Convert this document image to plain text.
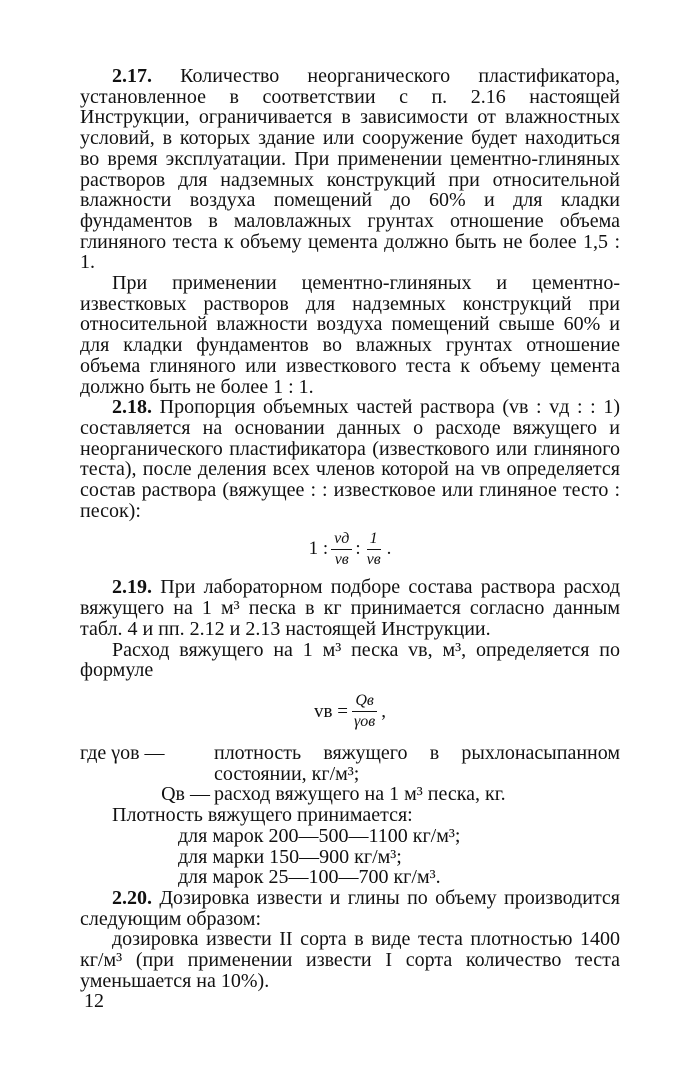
2.17. Количество неорганического пластификатора, установленное в соответствии с п. 2.16 настоящей Инструкции, ограничивается в зависимости от влажностных условий, в которых здание или сооружение будет находиться во время эксплуатации. При применении цементно-глиняных растворов для надземных конструкций при относительной влажности воздуха помещений до 60% и для кладки фундаментов в маловлажных грунтах отношение объема глиняного теста к объему цемента должно быть не более 1,5 : 1.

При применении цементно-глиняных и цементно-известковых растворов для надземных конструкций при относительной влажности воздуха помещений свыше 60% и для кладки фундаментов во влажных грунтах отношение объема глиняного или известкового теста к объему цемента должно быть не более 1 : 1.

2.18. Пропорция объемных частей раствора (vв : vд : : 1) составляется на основании данных о расходе вяжущего и неорганического пластификатора (известкового или глиняного теста), после деления всех членов которой на vв определяется состав раствора (вяжущее : : известковое или глиняное тесто : песок):

1 : $\frac{vд}{vв}$ : $\frac{1}{vв}$ .

2.19. При лабораторном подборе состава раствора расход вяжущего на 1 м³ песка в кг принимается согласно данным табл. 4 и пп. 2.12 и 2.13 настоящей Инструкции.

Расход вяжущего на 1 м³ песка vв, м³, определяется по формуле

vв = $\frac{Qв}{\text{γов}}$ ,
где γов —	плотность вяжущего в рыхлонасыпанном состоянии, кг/м³;
Qв —	расход вяжущего на 1 м³ песка, кг.

Плотность вяжущего принимается:

для марок 200—500—1100 кг/м³;

для марки 150—900 кг/м³;

для марок 25—100—700 кг/м³.

2.20. Дозировка извести и глины по объему производится следующим образом:

дозировка извести II сорта в виде теста плотностью 1400 кг/м³ (при применении извести I сорта количество теста уменьшается на 10%).

12
